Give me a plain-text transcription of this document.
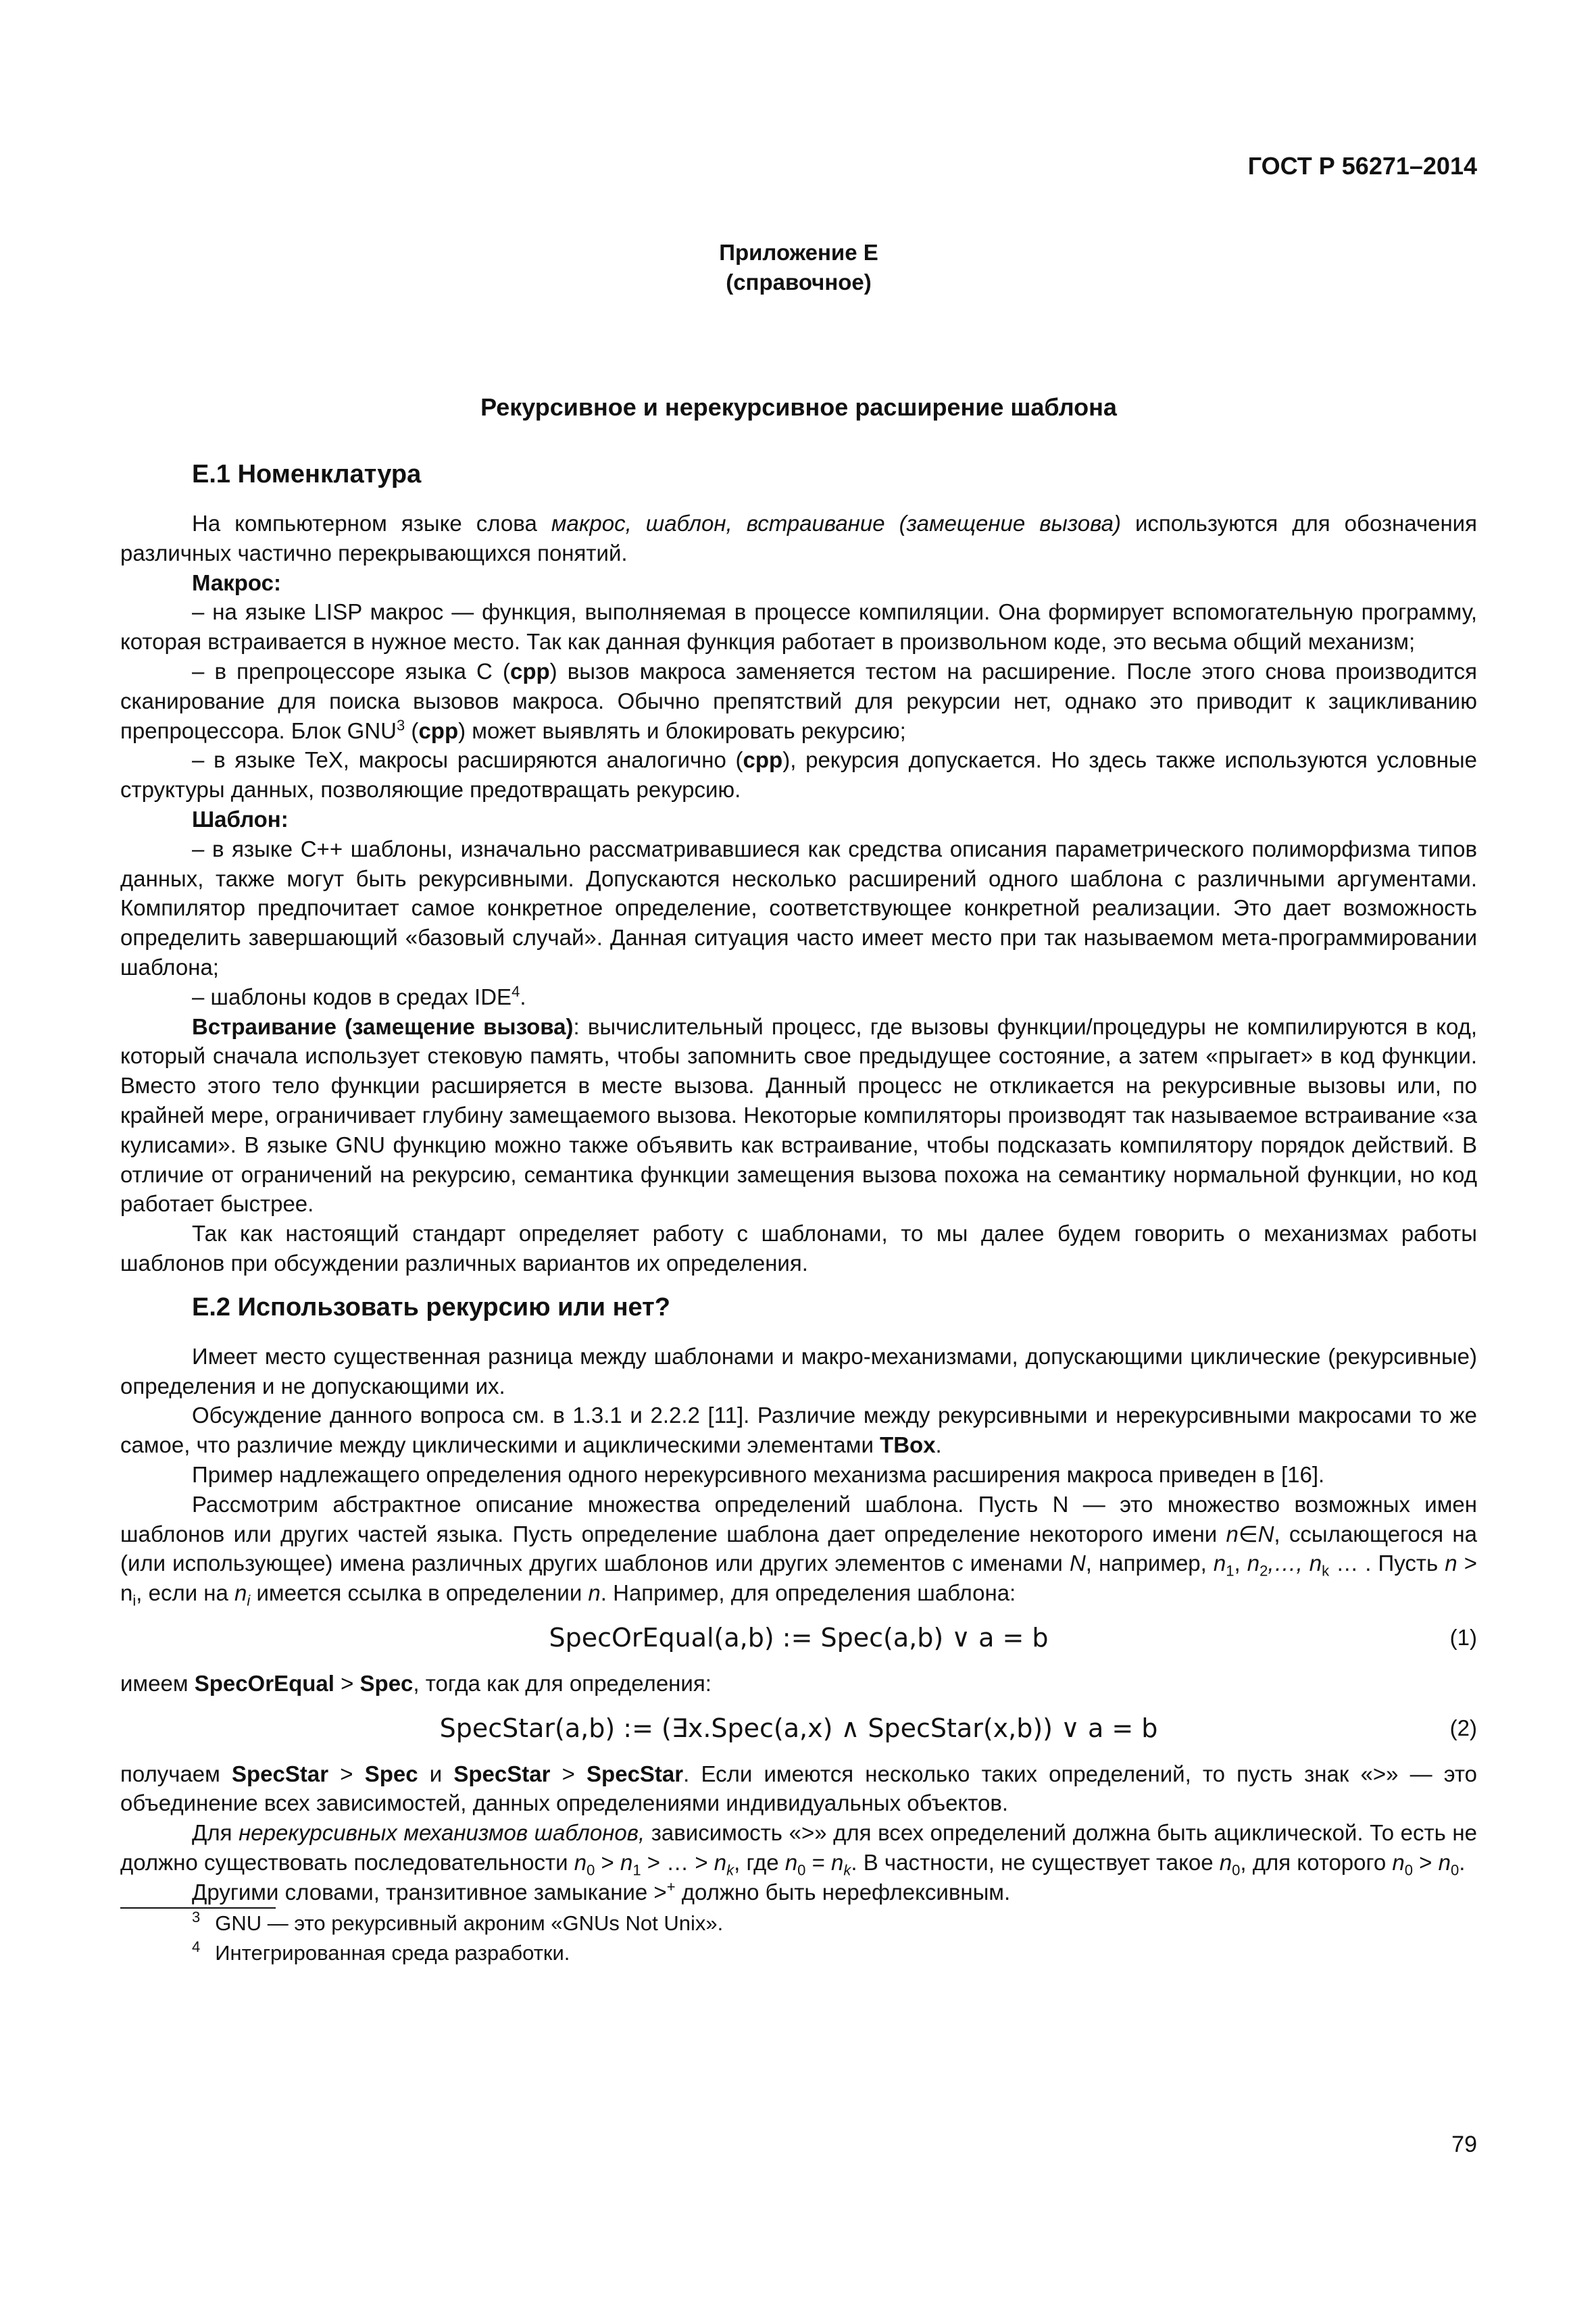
ГОСТ Р 56271–2014
Приложение Е
(справочное)
Рекурсивное и нерекурсивное расширение шаблона

Е.1 Номенклатура

На компьютерном языке слова макрос, шаблон, встраивание (замещение вызова) используются для обозначения различных частично перекрывающихся понятий.

Макрос:

– на языке LISP макрос — функция, выполняемая в процессе компиляции. Она формирует вспомогательную программу, которая встраивается в нужное место. Так как данная функция работает в произвольном коде, это весьма общий механизм;

– в препроцессоре языка C (cpp) вызов макроса заменяется тестом на расширение. После этого снова производится сканирование для поиска вызовов макроса. Обычно препятствий для рекурсии нет, однако это приводит к зацикливанию препроцессора. Блок GNU$^3$ (cpp) может выявлять и блокировать рекурсию;

– в языке TeX, макросы расширяются аналогично (cpp), рекурсия допускается. Но здесь также используются условные структуры данных, позволяющие предотвращать рекурсию.

Шаблон:

– в языке C++ шаблоны, изначально рассматривавшиеся как средства описания параметрического полиморфизма типов данных, также могут быть рекурсивными. Допускаются несколько расширений одного шаблона с различными аргументами. Компилятор предпочитает самое конкретное определение, соответствующее конкретной реализации. Это дает возможность определить завершающий «базовый случай». Данная ситуация часто имеет место при так называемом мета-программировании шаблона;

– шаблоны кодов в средах IDE$^4$.

Встраивание (замещение вызова): вычислительный процесс, где вызовы функции/процедуры не компилируются в код, который сначала использует стековую память, чтобы запомнить свое предыдущее состояние, а затем «прыгает» в код функции. Вместо этого тело функции расширяется в месте вызова. Данный процесс не откликается на рекурсивные вызовы или, по крайней мере, ограничивает глубину замещаемого вызова. Некоторые компиляторы производят так называемое встраивание «за кулисами». В языке GNU функцию можно также объявить как встраивание, чтобы подсказать компилятору порядок действий. В отличие от ограничений на рекурсию, семантика функции замещения вызова похожа на семантику нормальной функции, но код работает быстрее.

Так как настоящий стандарт определяет работу с шаблонами, то мы далее будем говорить о механизмах работы шаблонов при обсуждении различных вариантов их определения.

Е.2 Использовать рекурсию или нет?

Имеет место существенная разница между шаблонами и макро-механизмами, допускающими циклические (рекурсивные) определения и не допускающими их.

Обсуждение данного вопроса см. в 1.3.1 и 2.2.2 [11]. Различие между рекурсивными и нерекурсивными макросами то же самое, что различие между циклическими и ациклическими элементами TBox.

Пример надлежащего определения одного нерекурсивного механизма расширения макроса приведен в [16].

Рассмотрим абстрактное описание множества определений шаблона. Пусть N — это множество возможных имен шаблонов или других частей языка. Пусть определение шаблона дает определение некоторого имени n∈N, ссылающегося на (или использующее) имена различных других шаблонов или других элементов с именами N, например, $n_1$, $n_2,\dots$, $n_k$ … . Пусть $n > n_i$, если на $n_i$ имеется ссылка в определении n. Например, для определения шаблона:

SpecOrEqual(a,b) := Spec(a,b) ∨ a = b	(1)

имеем SpecOrEqual > Spec, тогда как для определения:

SpecStar(a,b) := (∃x.Spec(a,x) ∧ SpecStar(x,b)) ∨ a = b	(2)

получаем SpecStar > Spec и SpecStar > SpecStar. Если имеются несколько таких определений, то пусть знак «>» — это объединение всех зависимостей, данных определениями индивидуальных объектов.

Для нерекурсивных механизмов шаблонов, зависимость «>» для всех определений должна быть ациклической. То есть не должно существовать последовательности $n_0 > n_1$ > … > $n_k$, где $n_0 = n_k$. В частности, не существует такое $n_0$, для которого $n_0 > n_0$.

Другими словами, транзитивное замыкание >+ должно быть нерефлексивным.

$^3$ GNU — это рекурсивный акроним «GNUs Not Unix».
$^4$ Интегрированная среда разработки.
79
